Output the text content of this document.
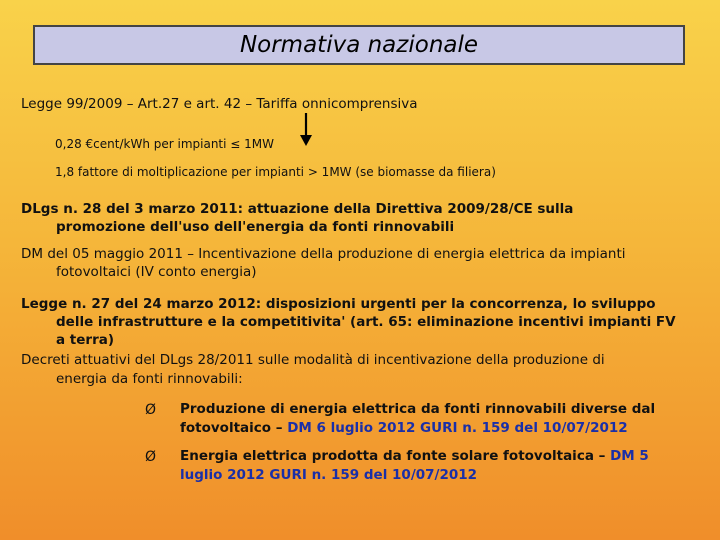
Normativa nazionale
Legge 99/2009 – Art.27 e art. 42 – Tariffa onnicomprensiva
0,28 €cent/kWh per impianti ≤ 1MW
1,8 fattore di moltiplicazione per impianti > 1MW (se biomasse da filiera)
DLgs n. 28 del 3 marzo 2011: attuazione della Direttiva 2009/28/CE sulla
promozione dell'uso dell'energia da fonti rinnovabili
DM del 05 maggio 2011 – Incentivazione della produzione di energia elettrica da impianti
fotovoltaici (IV conto energia)
Legge n. 27 del 24 marzo 2012: disposizioni urgenti per la concorrenza, lo sviluppo
delle infrastrutture e la competitivita' (art. 65: eliminazione incentivi impianti FV
a terra)
Decreti attuativi del DLgs 28/2011 sulle modalità di incentivazione della produzione di
energia da fonti rinnovabili:
Ø Produzione di energia elettrica da fonti rinnovabili diverse dal
fotovoltaico – DM 6 luglio 2012 GURI n. 159 del 10/07/2012
Ø Energia elettrica prodotta da fonte solare fotovoltaica – DM 5
luglio 2012 GURI n. 159 del 10/07/2012
